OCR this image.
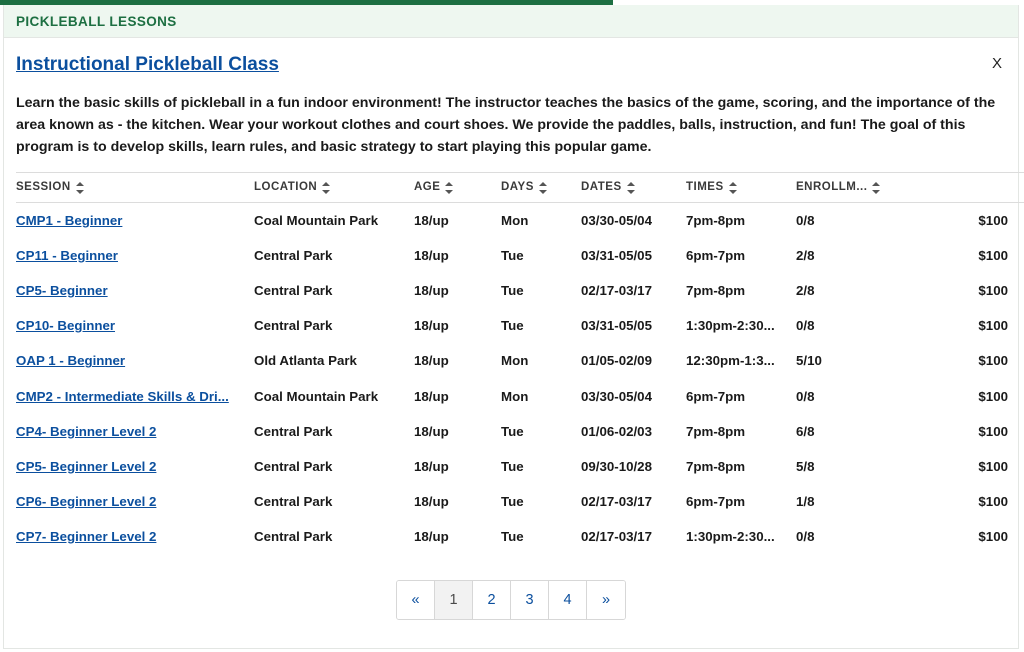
PICKLEBALL LESSONS
Instructional Pickleball Class	X
Learn the basic skills of pickleball in a fun indoor environment! The instructor teaches the basics of the game, scoring, and the importance of the area known as - the kitchen. Wear your workout clothes and court shoes. We provide the paddles, balls, instruction, and fun! The goal of this program is to develop skills, learn rules, and basic strategy to start playing this popular game.
SESSION	LOCATION	AGE	DAYS	DATES	TIMES	ENROLLM...		

CMP1 - Beginner	Coal Mountain Park	18/up	Mon	03/30-05/04	7pm-8pm	0/8	$100	

CP11 - Beginner	Central Park	18/up	Tue	03/31-05/05	6pm-7pm	2/8	$100	

CP5- Beginner	Central Park	18/up	Tue	02/17-03/17	7pm-8pm	2/8	$100	

CP10- Beginner	Central Park	18/up	Tue	03/31-05/05	1:30pm-2:30...	0/8	$100	

OAP 1 - Beginner	Old Atlanta Park	18/up	Mon	01/05-02/09	12:30pm-1:3...	5/10	$100	

CMP2 - Intermediate Skills & Dri...	Coal Mountain Park	18/up	Mon	03/30-05/04	6pm-7pm	0/8	$100	

CP4- Beginner Level 2	Central Park	18/up	Tue	01/06-02/03	7pm-8pm	6/8	$100	

CP5- Beginner Level 2	Central Park	18/up	Tue	09/30-10/28	7pm-8pm	5/8	$100	

CP6- Beginner Level 2	Central Park	18/up	Tue	02/17-03/17	6pm-7pm	1/8	$100	

CP7- Beginner Level 2	Central Park	18/up	Tue	02/17-03/17	1:30pm-2:30...	0/8	$100	
«	1	2	3	4	»
